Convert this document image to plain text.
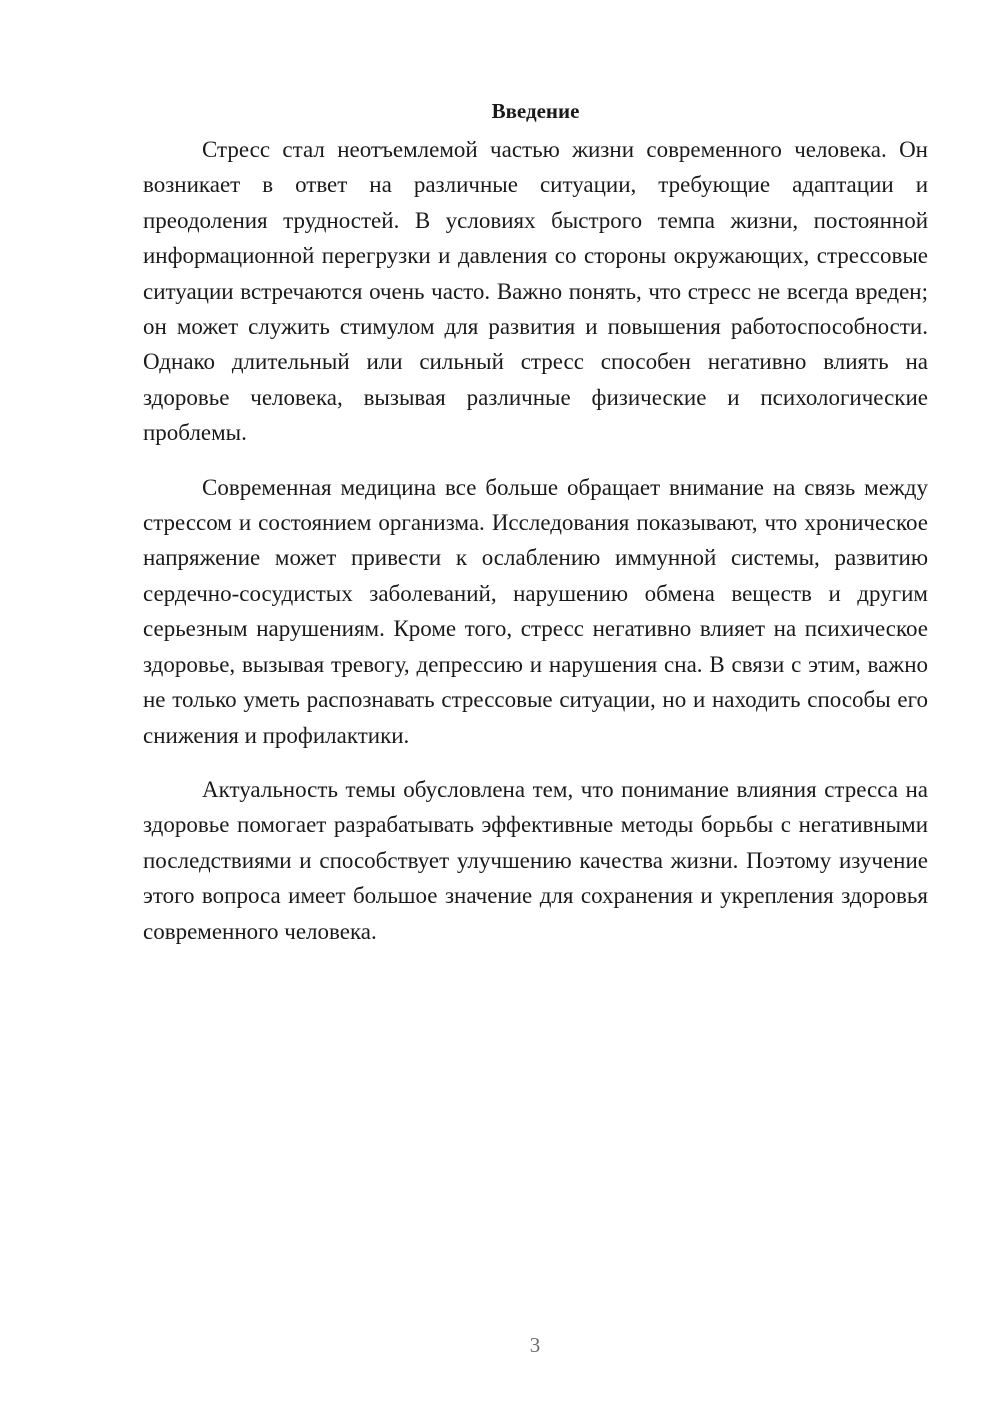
Введение

Стресс стал неотъемлемой частью жизни современного человека. Он возникает в ответ на различные ситуации, требующие адаптации и преодоления трудностей. В условиях быстрого темпа жизни, постоянной информационной перегрузки и давления со стороны окружающих, стрессовые ситуации встречаются очень часто. Важно понять, что стресс не всегда вреден; он может служить стимулом для развития и повышения работоспособности. Однако длительный или сильный стресс способен негативно влиять на здоровье человека, вызывая различные физические и психологические проблемы.

Современная медицина все больше обращает внимание на связь между стрессом и состоянием организма. Исследования показывают, что хроническое напряжение может привести к ослаблению иммунной системы, развитию сердечно-сосудистых заболеваний, нарушению обмена веществ и другим серьезным нарушениям. Кроме того, стресс негативно влияет на психическое здоровье, вызывая тревогу, депрессию и нарушения сна. В связи с этим, важно не только уметь распознавать стрессовые ситуации, но и находить способы его снижения и профилактики.

Актуальность темы обусловлена тем, что понимание влияния стресса на здоровье помогает разрабатывать эффективные методы борьбы с негативными последствиями и способствует улучшению качества жизни. Поэтому изучение этого вопроса имеет большое значение для сохранения и укрепления здоровья современного человека.

3
